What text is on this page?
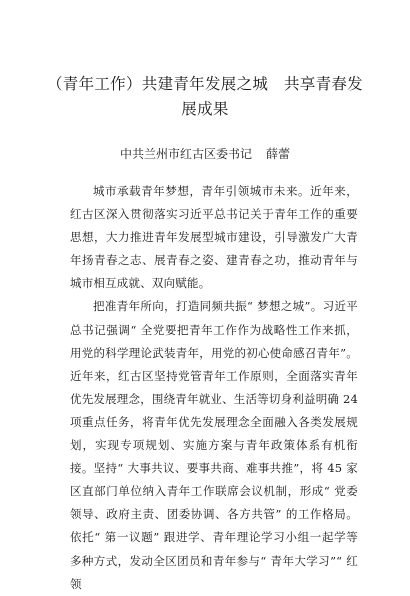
（青年工作）共建青年发展之城　共享青春发展成果

中共兰州市红古区委书记 薛蕾

城市承载青年梦想，青年引领城市未来。近年来，红古区深入贯彻落实习近平总书记关于青年工作的重要思想，大力推进青年发展型城市建设，引导激发广大青年扬青春之志、展青春之姿、建青春之功，推动青年与城市相互成就、双向赋能。

把准青年所向，打造同频共振“ 梦想之城”。习近平总书记强调“ 全党要把青年工作作为战略性工作来抓，用党的科学理论武装青年，用党的初心使命感召青年”。近年来，红古区坚持党管青年工作原则，全面落实青年优先发展理念，围绕青年就业、生活等切身利益明确 24 项重点任务，将青年优先发展理念全面融入各类发展规划，实现专项规划、实施方案与青年政策体系有机衔接。坚持“ 大事共议、要事共商、难事共推”，将 45 家区直部门单位纳入青年工作联席会议机制，形成“ 党委领导、政府主责、团委协调、各方共管” 的工作格局。依托“ 第一议题” 跟进学、青年理论学习小组一起学等多种方式，发动全区团员和青年参与“ 青年大学习”“ 红领
